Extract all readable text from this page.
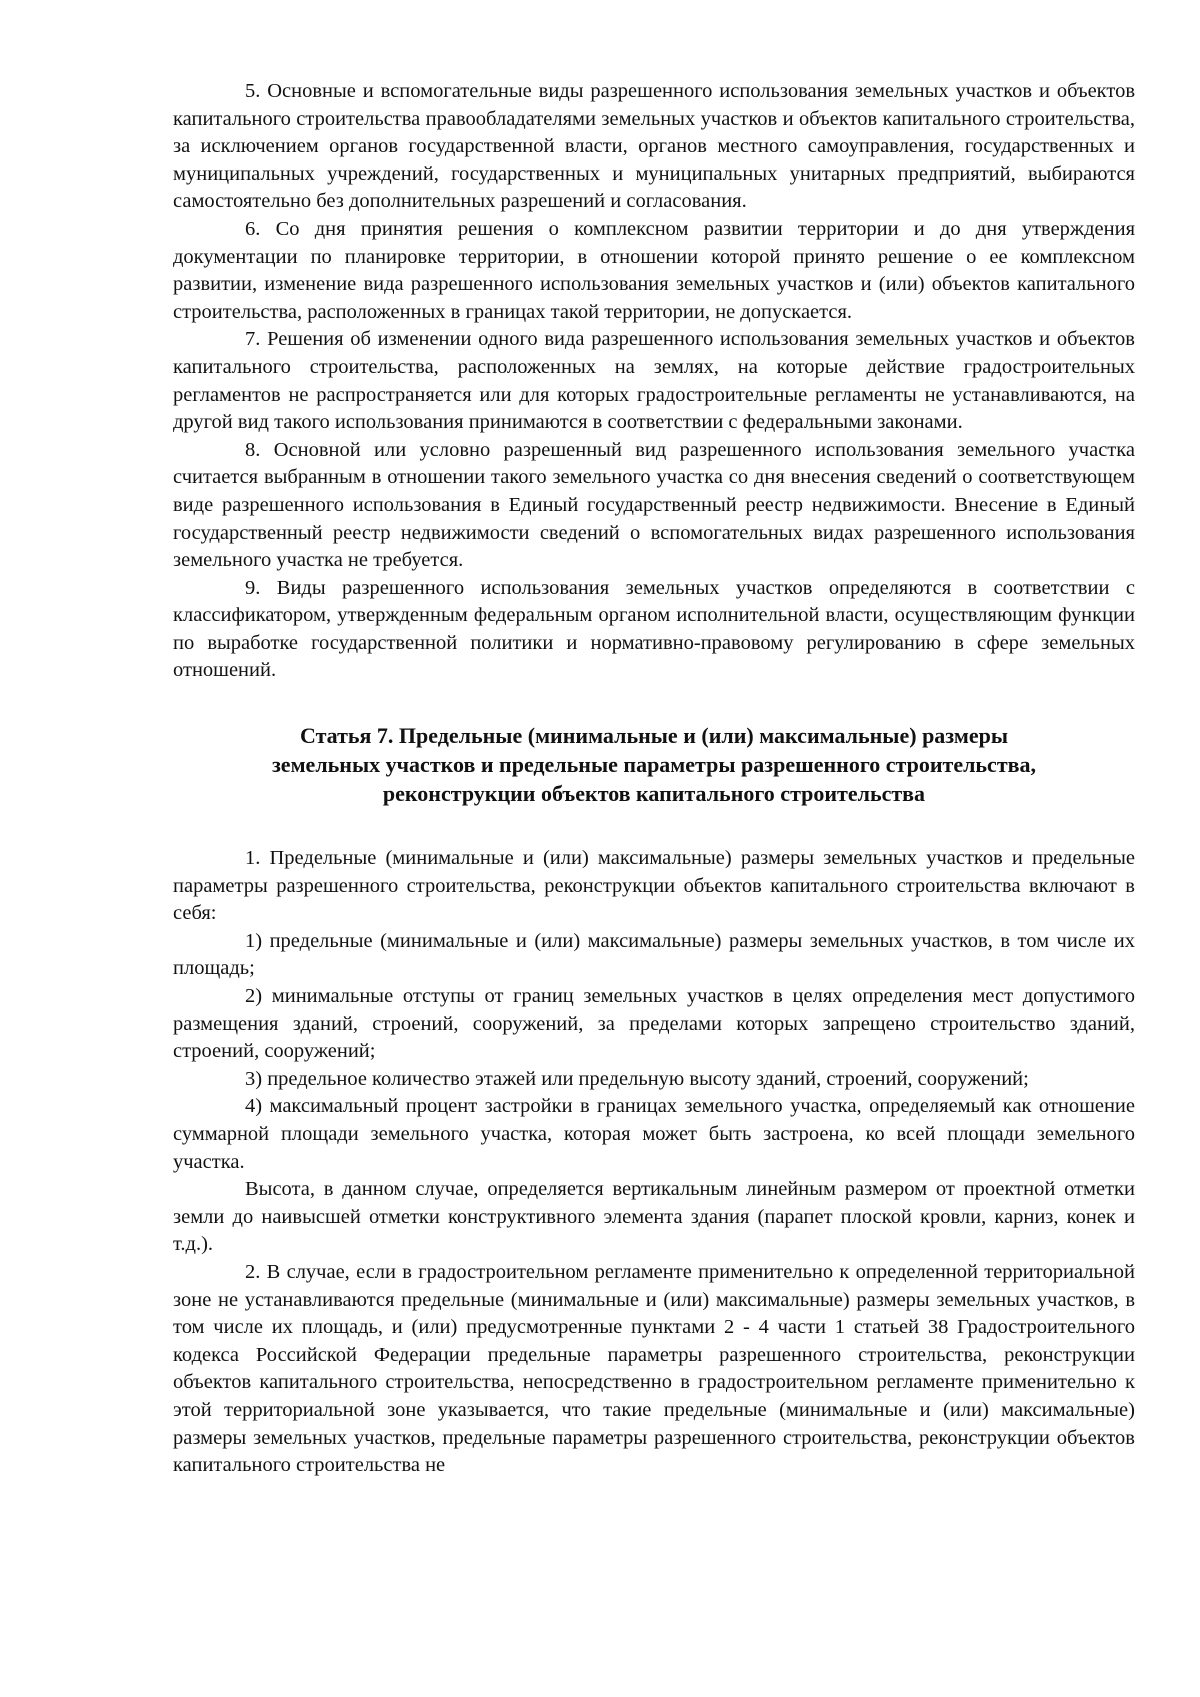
5. Основные и вспомогательные виды разрешенного использования земельных участков и объектов капитального строительства правообладателями земельных участков и объектов капитального строительства, за исключением органов государственной власти, органов местного самоуправления, государственных и муниципальных учреждений, государственных и муниципальных унитарных предприятий, выбираются самостоятельно без дополнительных разрешений и согласования.

6. Со дня принятия решения о комплексном развитии территории и до дня утверждения документации по планировке территории, в отношении которой принято решение о ее комплексном развитии, изменение вида разрешенного использования земельных участков и (или) объектов капитального строительства, расположенных в границах такой территории, не допускается.

7. Решения об изменении одного вида разрешенного использования земельных участков и объектов капитального строительства, расположенных на землях, на которые действие градостроительных регламентов не распространяется или для которых градостроительные регламенты не устанавливаются, на другой вид такого использования принимаются в соответствии с федеральными законами.

8. Основной или условно разрешенный вид разрешенного использования земельного участка считается выбранным в отношении такого земельного участка со дня внесения сведений о соответствующем виде разрешенного использования в Единый государственный реестр недвижимости. Внесение в Единый государственный реестр недвижимости сведений о вспомогательных видах разрешенного использования земельного участка не требуется.

9. Виды разрешенного использования земельных участков определяются в соответствии с классификатором, утвержденным федеральным органом исполнительной власти, осуществляющим функции по выработке государственной политики и нормативно-правовому регулированию в сфере земельных отношений.

Статья 7. Предельные (минимальные и (или) максимальные) размеры
земельных участков и предельные параметры разрешенного строительства,
реконструкции объектов капитального строительства

1. Предельные (минимальные и (или) максимальные) размеры земельных участков и предельные параметры разрешенного строительства, реконструкции объектов капитального строительства включают в себя:

1) предельные (минимальные и (или) максимальные) размеры земельных участков, в том числе их площадь;

2) минимальные отступы от границ земельных участков в целях определения мест допустимого размещения зданий, строений, сооружений, за пределами которых запрещено строительство зданий, строений, сооружений;

3) предельное количество этажей или предельную высоту зданий, строений, сооружений;

4) максимальный процент застройки в границах земельного участка, определяемый как отношение суммарной площади земельного участка, которая может быть застроена, ко всей площади земельного участка.

Высота, в данном случае, определяется вертикальным линейным размером от проектной отметки земли до наивысшей отметки конструктивного элемента здания (парапет плоской кровли, карниз, конек и т.д.).

2. В случае, если в градостроительном регламенте применительно к определенной территориальной зоне не устанавливаются предельные (минимальные и (или) максимальные) размеры земельных участков, в том числе их площадь, и (или) предусмотренные пунктами 2 - 4 части 1 статьей 38 Градостроительного кодекса Российской Федерации предельные параметры разрешенного строительства, реконструкции объектов капитального строительства, непосредственно в градостроительном регламенте применительно к этой территориальной зоне указывается, что такие предельные (минимальные и (или) максимальные) размеры земельных участков, предельные параметры разрешенного строительства, реконструкции объектов капитального строительства не
